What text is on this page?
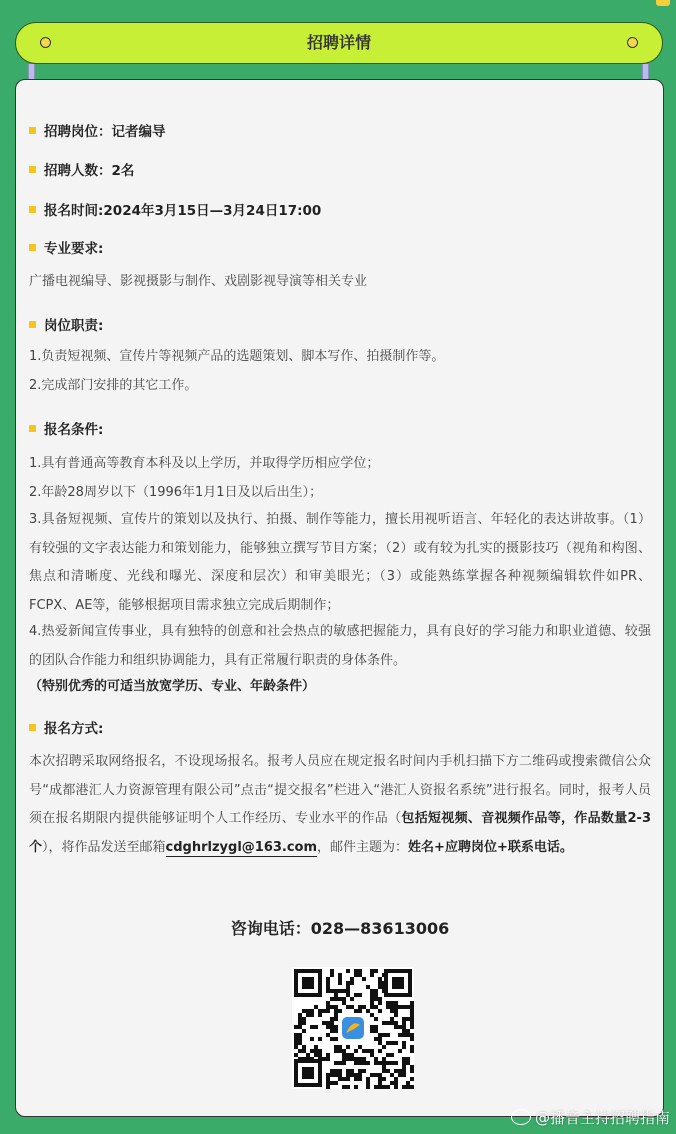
招聘详情
招聘岗位：记者编导
招聘人数：2名
报名时间:2024年3月15日—3月24日17:00
专业要求:
广播电视编导、影视摄影与制作、戏剧影视导演等相关专业
岗位职责:
1.负责短视频、宣传片等视频产品的选题策划、脚本写作、拍摄制作等。
2.完成部门安排的其它工作。
报名条件:
1.具有普通高等教育本科及以上学历，并取得学历相应学位；
2.年龄28周岁以下（1996年1月1日及以后出生）；
3.具备短视频、宣传片的策划以及执行、拍摄、制作等能力，擅长用视听语言、年轻化的表达讲故事。（1）有较强的文字表达能力和策划能力，能够独立撰写节目方案；（2）或有较为扎实的摄影技巧（视角和构图、焦点和清晰度、光线和曝光、深度和层次）和审美眼光；（3）或能熟练掌握各种视频编辑软件如PR、FCPX、AE等，能够根据项目需求独立完成后期制作；
4.热爱新闻宣传事业，具有独特的创意和社会热点的敏感把握能力，具有良好的学习能力和职业道德、较强的团队合作能力和组织协调能力，具有正常履行职责的身体条件。
（特别优秀的可适当放宽学历、专业、年龄条件）
报名方式:
本次招聘采取网络报名，不设现场报名。报考人员应在规定报名时间内手机扫描下方二维码或搜索微信公众号“成都港汇人力资源管理有限公司”点击“提交报名”栏进入“港汇人资报名系统”进行报名。同时，报考人员须在报名期限内提供能够证明个人工作经历、专业水平的作品（包括短视频、音视频作品等，作品数量2-3个），将作品发送至邮箱cdghrlzygl@163.com，邮件主题为：姓名+应聘岗位+联系电话。
咨询电话：028—83613006
@播音主持招聘指南
